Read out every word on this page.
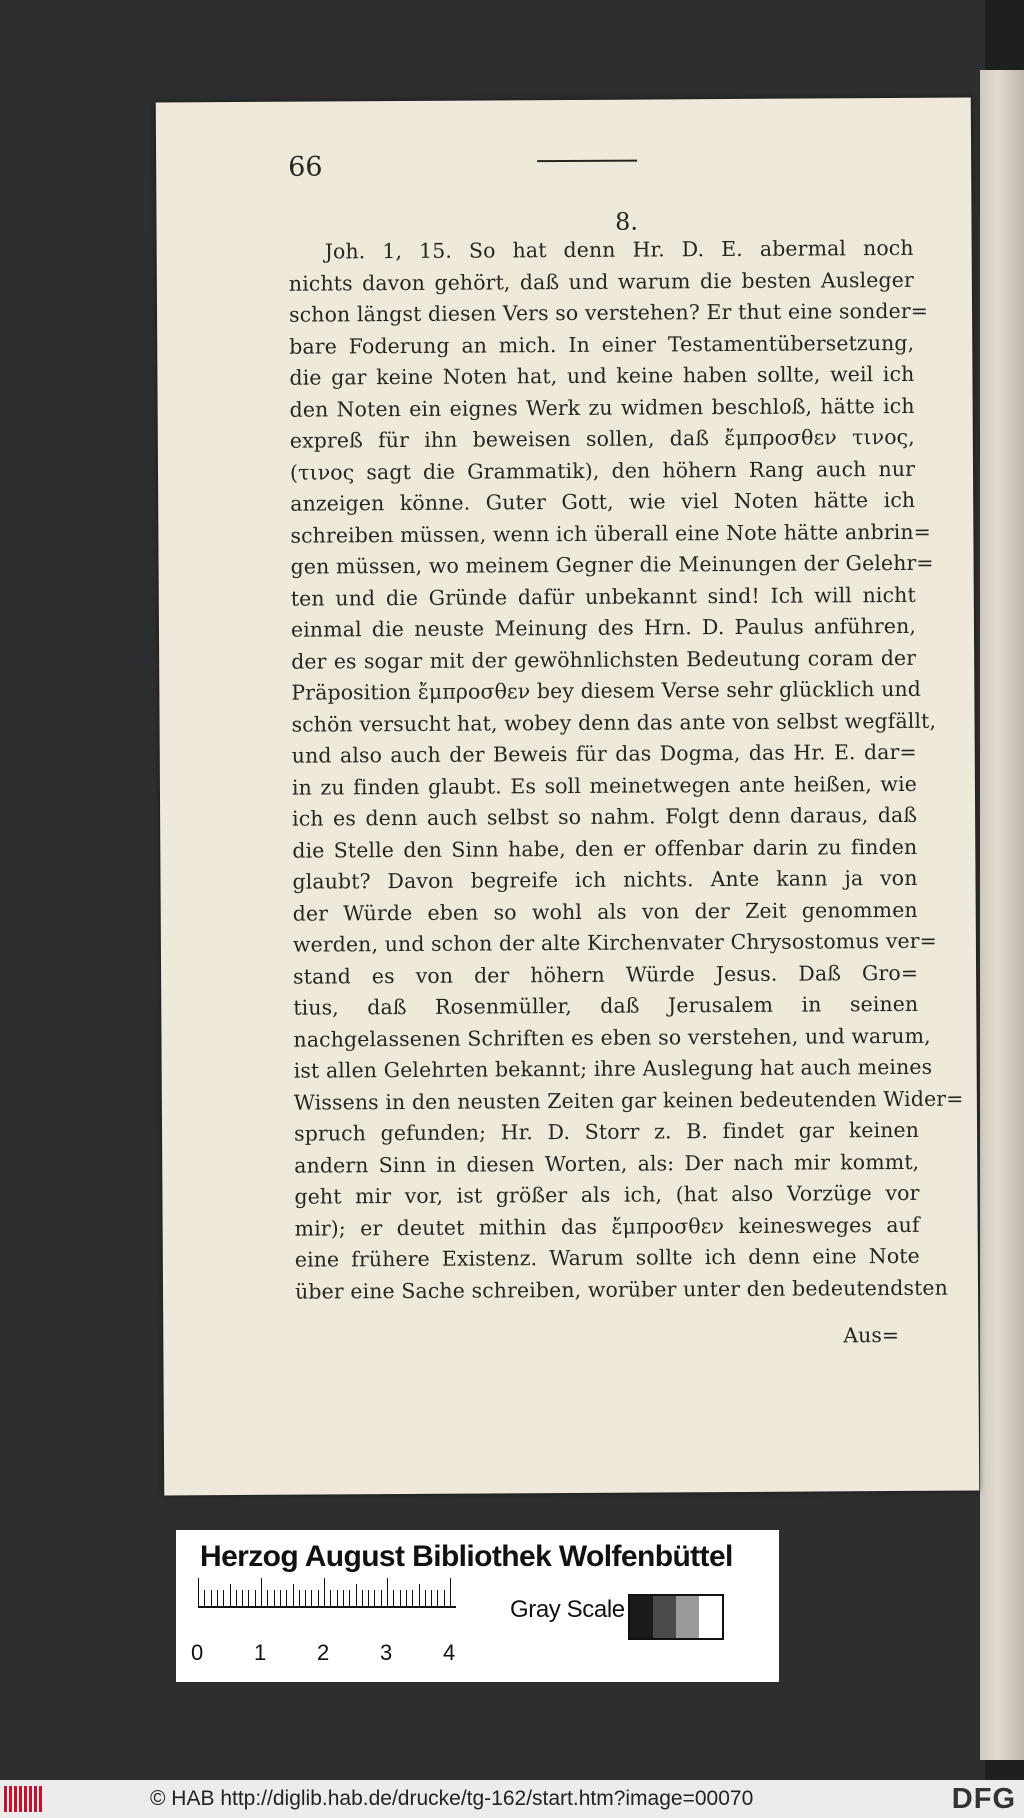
66
8.
Joh. 1, 15. So hat denn Hr. D. E. abermal noch
nichts davon gehört, daß und warum die besten Ausleger
schon längst diesen Vers so verstehen? Er thut eine sonder=
bare Foderung an mich. In einer Testamentübersetzung,
die gar keine Noten hat, und keine haben sollte, weil ich
den Noten ein eignes Werk zu widmen beschloß, hätte ich
expreß für ihn beweisen sollen, daß ἔμπροσθεν τινος,
(τινος sagt die Grammatik), den höhern Rang auch nur
anzeigen könne. Guter Gott, wie viel Noten hätte ich
schreiben müssen, wenn ich überall eine Note hätte anbrin=
gen müssen, wo meinem Gegner die Meinungen der Gelehr=
ten und die Gründe dafür unbekannt sind! Ich will nicht
einmal die neuste Meinung des Hrn. D. Paulus anführen,
der es sogar mit der gewöhnlichsten Bedeutung coram der
Präposition ἔμπροσθεν bey diesem Verse sehr glücklich und
schön versucht hat, wobey denn das ante von selbst wegfällt,
und also auch der Beweis für das Dogma, das Hr. E. dar=
in zu finden glaubt. Es soll meinetwegen ante heißen, wie
ich es denn auch selbst so nahm. Folgt denn daraus, daß
die Stelle den Sinn habe, den er offenbar darin zu finden
glaubt? Davon begreife ich nichts. Ante kann ja von
der Würde eben so wohl als von der Zeit genommen
werden, und schon der alte Kirchenvater Chrysostomus ver=
stand es von der höhern Würde Jesus. Daß Gro=
tius, daß Rosenmüller, daß Jerusalem in seinen
nachgelassenen Schriften es eben so verstehen, und warum,
ist allen Gelehrten bekannt; ihre Auslegung hat auch meines
Wissens in den neusten Zeiten gar keinen bedeutenden Wider=
spruch gefunden; Hr. D. Storr z. B. findet gar keinen
andern Sinn in diesen Worten, als: Der nach mir kommt,
geht mir vor, ist größer als ich, (hat also Vorzüge vor
mir); er deutet mithin das ἔμπροσθεν keinesweges auf
eine frühere Existenz. Warum sollte ich denn eine Note
über eine Sache schreiben, worüber unter den bedeutendsten
Aus=
Herzog August Bibliothek Wolfenbüttel
0 1 2 3 4
Gray Scale
© HAB http://diglib.hab.de/drucke/tg-162/start.htm?image=00070	DFG
